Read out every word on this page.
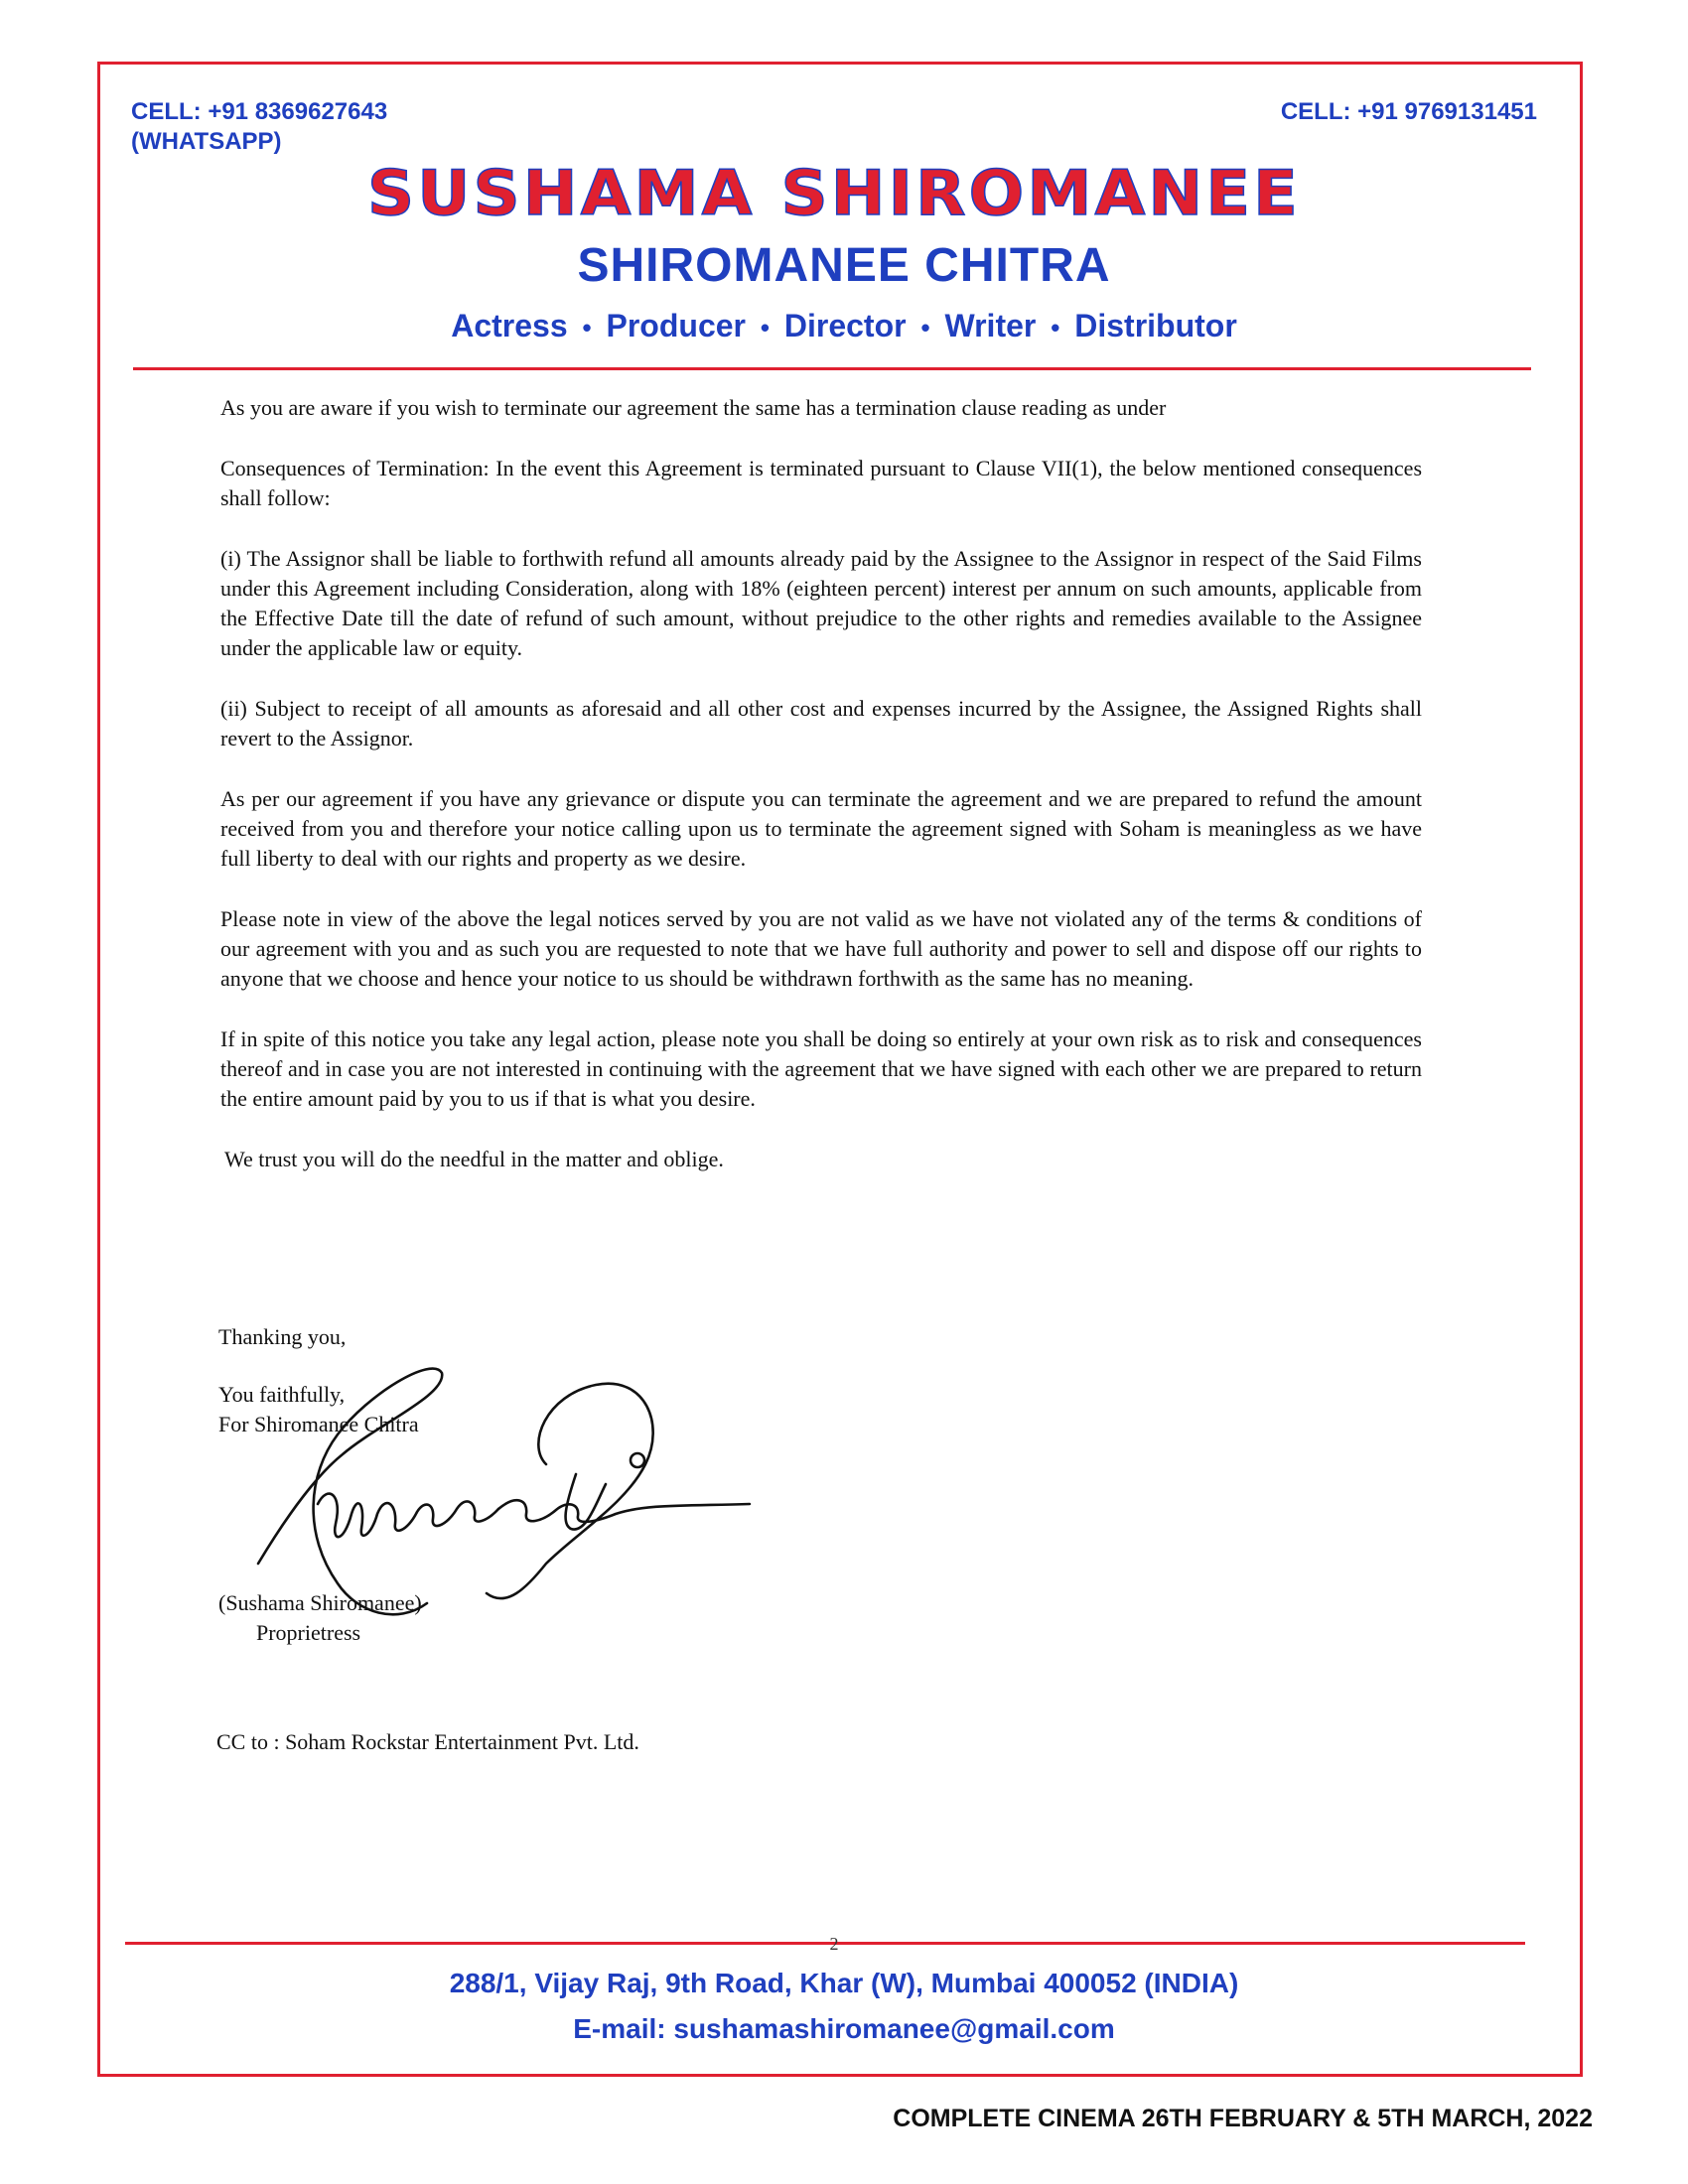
CELL: +91 8369627643
(WHATSAPP)
CELL: +91 9769131451
SUSHAMA SHIROMANEE
SHIROMANEE CHITRA
Actress • Producer • Director • Writer • Distributor

As you are aware if you wish to terminate our agreement the same has a termination clause reading as under

Consequences of Termination: In the event this Agreement is terminated pursuant to Clause VII(1), the below mentioned consequences shall follow:

(i) The Assignor shall be liable to forthwith refund all amounts already paid by the Assignee to the Assignor in respect of the Said Films under this Agreement including Consideration, along with 18% (eighteen percent) interest per annum on such amounts, applicable from the Effective Date till the date of refund of such amount, without prejudice to the other rights and remedies available to the Assignee under the applicable law or equity.

(ii) Subject to receipt of all amounts as aforesaid and all other cost and expenses incurred by the Assignee, the Assigned Rights shall revert to the Assignor.

As per our agreement if you have any grievance or dispute you can terminate the agreement and we are prepared to refund the amount received from you and therefore your notice calling upon us to terminate the agreement signed with Soham is meaningless as we have full liberty to deal with our rights and property as we desire.

Please note in view of the above the legal notices served by you are not valid as we have not violated any of the terms & conditions of our agreement with you and as such you are requested to note that we have full authority and power to sell and dispose off our rights to anyone that we choose and hence your notice to us should be withdrawn forthwith as the same has no meaning.

If in spite of this notice you take any legal action, please note you shall be doing so entirely at your own risk as to risk and consequences thereof and in case you are not interested in continuing with the agreement that we have signed with each other we are prepared to return the entire amount paid by you to us if that is what you desire.

We trust you will do the needful in the matter and oblige.

Thanking you,
You faithfully,
For Shiromanee Chitra
(Sushama Shiromanee)
Proprietress
CC to : Soham Rockstar Entertainment Pvt. Ltd.
2
288/1, Vijay Raj, 9th Road, Khar (W), Mumbai 400052 (INDIA)
E-mail: sushamashiromanee@gmail.com
COMPLETE CINEMA 26TH FEBRUARY & 5TH MARCH, 2022
